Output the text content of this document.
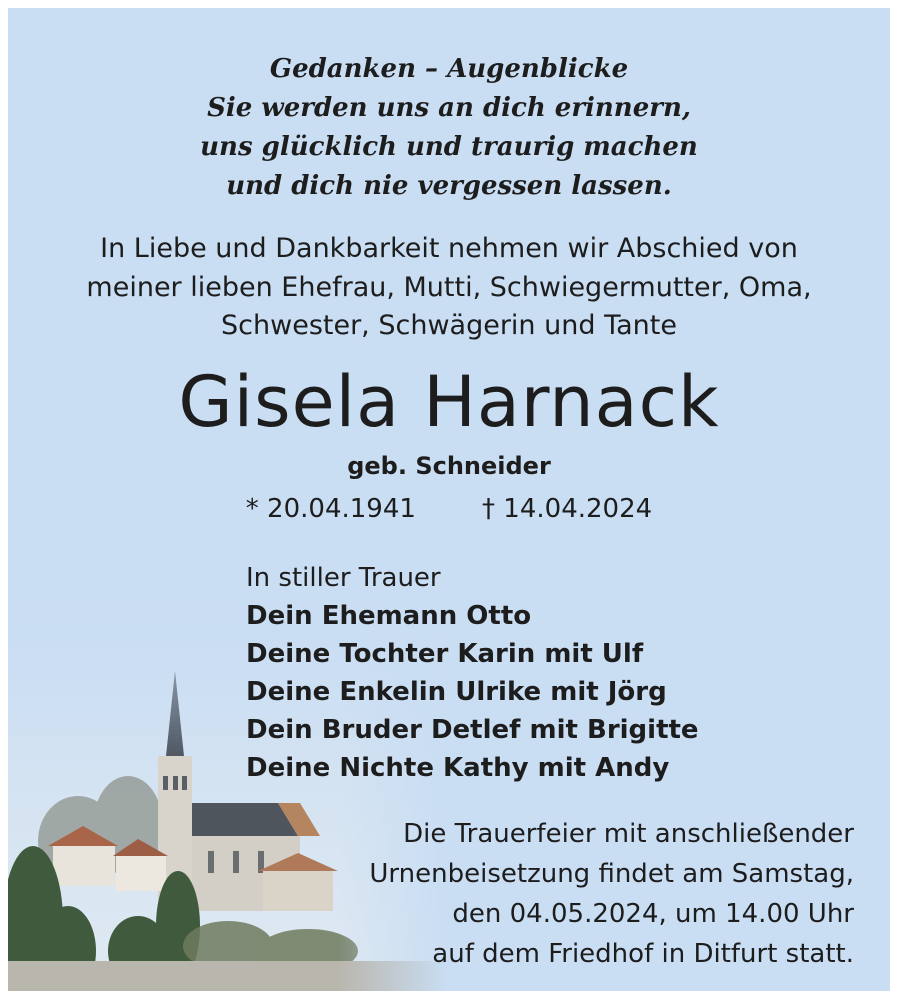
Gedanken – Augenblicke
Sie werden uns an dich erinnern,
uns glücklich und traurig machen
und dich nie vergessen lassen.
In Liebe und Dankbarkeit nehmen wir Abschied von
meiner lieben Ehefrau, Mutti, Schwiegermutter, Oma,
Schwester, Schwägerin und Tante
Gisela Harnack
geb. Schneider
* 20.04.1941        † 14.04.2024
In stiller Trauer
Dein Ehemann Otto
Deine Tochter Karin mit Ulf
Deine Enkelin Ulrike mit Jörg
Dein Bruder Detlef mit Brigitte
Deine Nichte Kathy mit Andy
Die Trauerfeier mit anschließender
Urnenbeisetzung findet am Samstag,
den 04.05.2024, um 14.00 Uhr
auf dem Friedhof in Ditfurt statt.
